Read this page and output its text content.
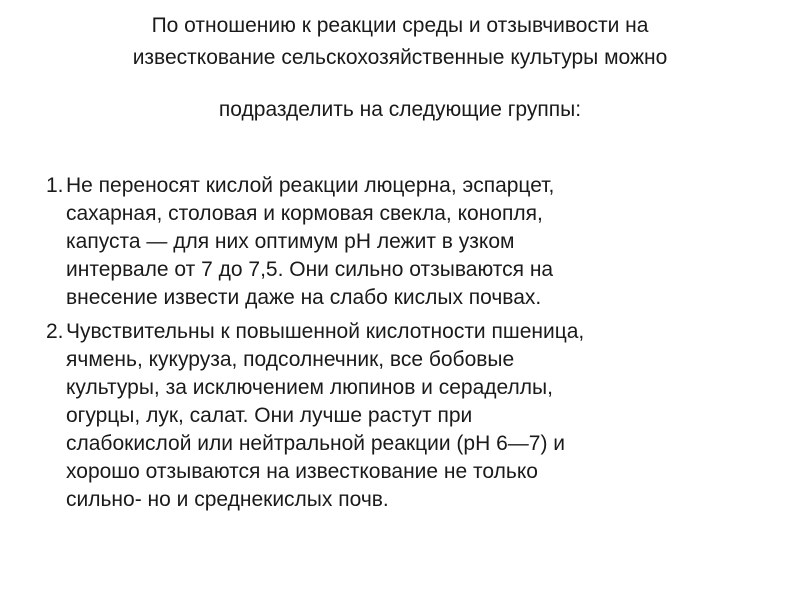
По отношению к реакции среды и отзывчивости на
известкование сельскохозяйственные культуры можно
подразделить на следующие группы:
1. Не переносят кислой реакции люцерна, эспарцет,
сахарная, столовая и кормовая свекла, конопля,
капуста — для них оптимум рН лежит в узком
интервале от 7 до 7,5. Они сильно отзываются на
внесение извести даже на слабо кислых почвах.
2. Чувствительны к повышенной кислотности пшеница,
ячмень, кукуруза, подсолнечник, все бобовые
культуры, за исключением люпинов и сераделлы,
огурцы, лук, салат. Они лучше растут при
слабокислой или нейтральной реакции (рН 6—7) и
хорошо отзываются на известкование не только
сильно- но и среднекислых почв.
